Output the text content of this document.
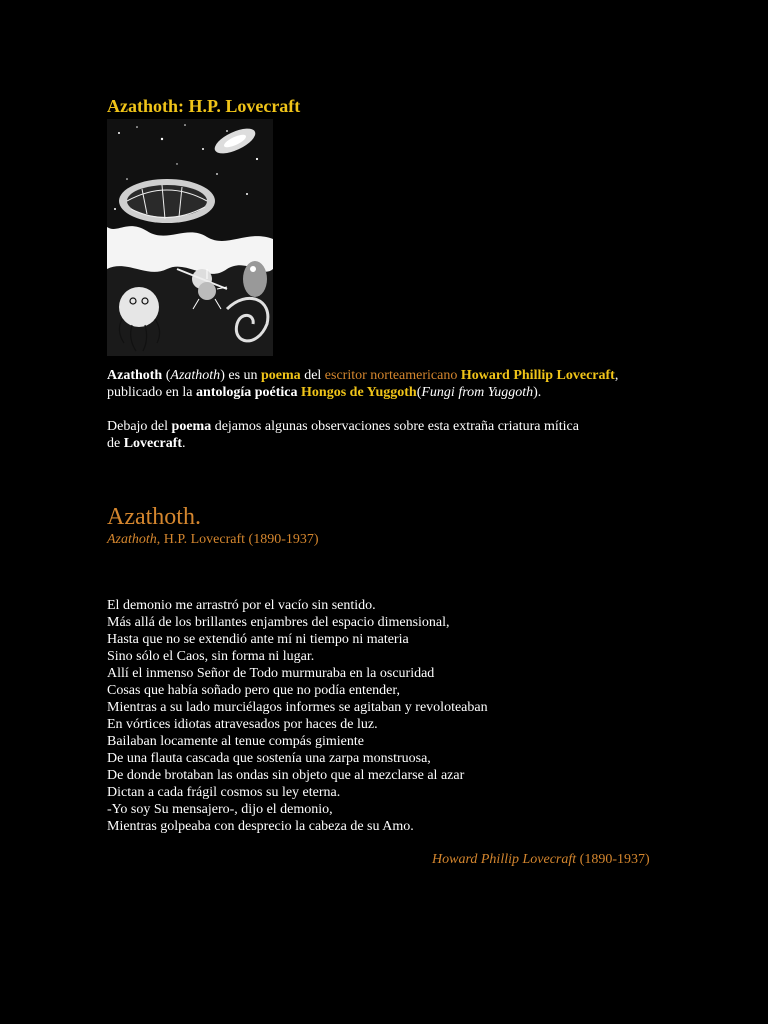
Azathoth: H.P. Lovecraft

Azathoth (Azathoth) es un poema del escritor norteamericano Howard Phillip Lovecraft,
publicado en la antología poética Hongos de Yuggoth(Fungi from Yuggoth).

Debajo del poema dejamos algunas observaciones sobre esta extraña criatura mítica
de Lovecraft.

Azathoth.
Azathoth, H.P. Lovecraft (1890-1937)
El demonio me arrastró por el vacío sin sentido.
Más allá de los brillantes enjambres del espacio dimensional,
Hasta que no se extendió ante mí ni tiempo ni materia
Sino sólo el Caos, sin forma ni lugar.
Allí el inmenso Señor de Todo murmuraba en la oscuridad
Cosas que había soñado pero que no podía entender,
Mientras a su lado murciélagos informes se agitaban y revoloteaban
En vórtices idiotas atravesados por haces de luz.
Bailaban locamente al tenue compás gimiente
De una flauta cascada que sostenía una zarpa monstruosa,
De donde brotaban las ondas sin objeto que al mezclarse al azar
Dictan a cada frágil cosmos su ley eterna.
-Yo soy Su mensajero-, dijo el demonio,
Mientras golpeaba con desprecio la cabeza de su Amo.
Howard Phillip Lovecraft (1890-1937)
